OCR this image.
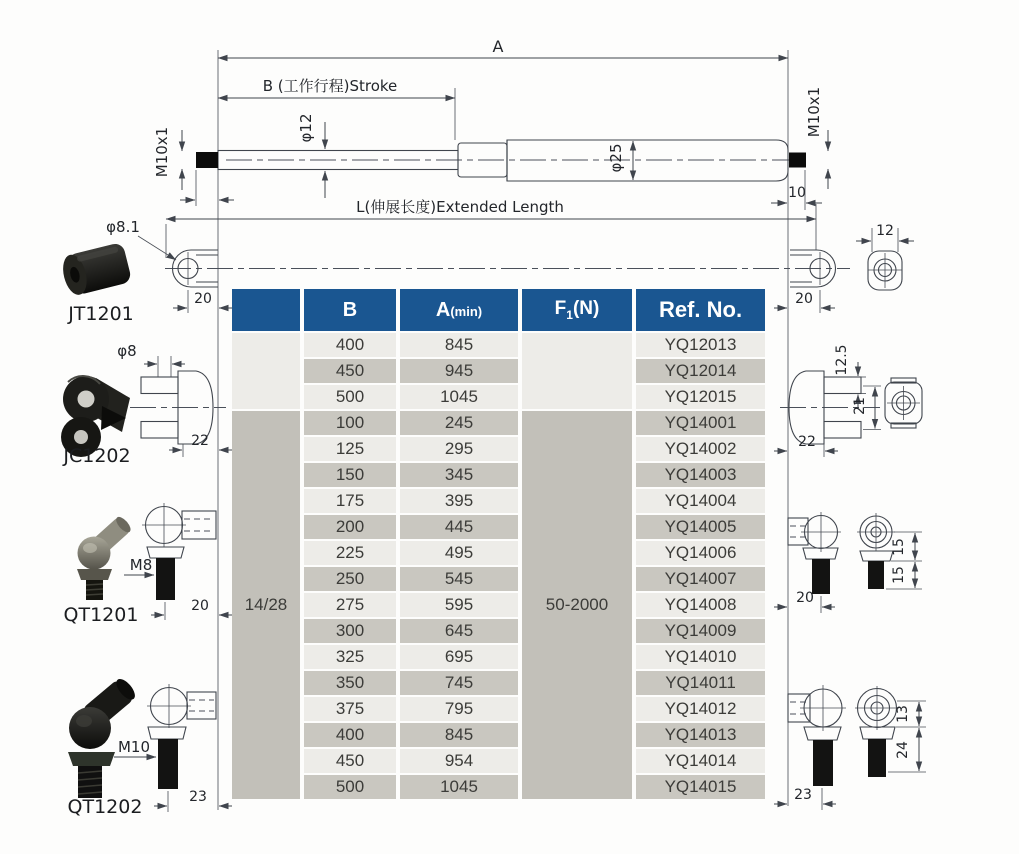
A
B (工作行程)Stroke
φ12
M10x1	φ25
M10x1
10
L(伸展长度)Extended Length
12
20	20
φ8.1
JT1201
φ8
22
JC1202
M8
20
QT1201
M10
23
QT1202
12.5
21
22
20
15
15
23
13
24
	B	A(min)	$F_1(N)$	Ref. No.
	400	845		YQ12013
	450	945		YQ12014
	500	1045		YQ12015
14/28	100	245	50-2000	YQ14001
	125	295		YQ14002
	150	345		YQ14003
	175	395		YQ14004
	200	445		YQ14005
	225	495		YQ14006
	250	545		YQ14007
	275	595		YQ14008
	300	645		YQ14009
	325	695		YQ14010
	350	745		YQ14011
	375	795		YQ14012
	400	845		YQ14013
	450	954		YQ14014
	500	1045		YQ14015
